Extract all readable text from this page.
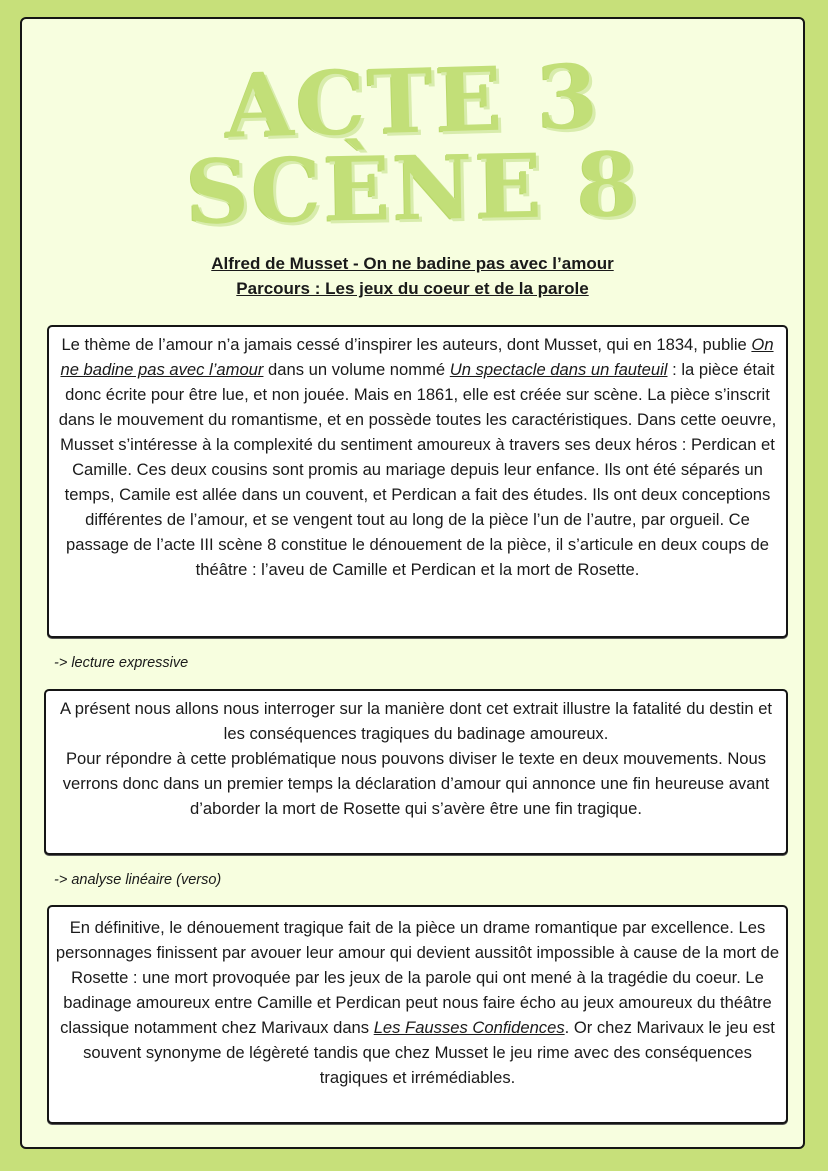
ACTE 3
SCÈNE 8
Alfred de Musset - On ne badine pas avec l’amour
Parcours : Les jeux du coeur et de la parole
Le thème de l’amour n’a jamais cessé d’inspirer les auteurs, dont Musset, qui en 1834, publie On ne badine pas avec l’amour dans un volume nommé Un spectacle dans un fauteuil : la pièce était donc écrite pour être lue, et non jouée. Mais en 1861, elle est créée sur scène. La pièce s’inscrit dans le mouvement du romantisme, et en possède toutes les caractéristiques. Dans cette oeuvre, Musset s’intéresse à la complexité du sentiment amoureux à travers ses deux héros : Perdican et Camille. Ces deux cousins sont promis au mariage depuis leur enfance. Ils ont été séparés un temps, Camile est allée dans un couvent, et Perdican a fait des études. Ils ont deux conceptions différentes de l’amour, et se vengent tout au long de la pièce l’un de l’autre, par orgueil. Ce passage de l’acte III scène 8 constitue le dénouement de la pièce, il s’articule en deux coups de théâtre : l’aveu de Camille et Perdican et la mort de Rosette.
-> lecture expressive
A présent nous allons nous interroger sur la manière dont cet extrait illustre la fatalité du destin et les conséquences tragiques du badinage amoureux.
Pour répondre à cette problématique nous pouvons diviser le texte en deux mouvements. Nous verrons donc dans un premier temps la déclaration d’amour qui annonce une fin heureuse avant d’aborder la mort de Rosette qui s’avère être une fin tragique.
-> analyse linéaire (verso)
En définitive, le dénouement tragique fait de la pièce un drame romantique par excellence. Les personnages finissent par avouer leur amour qui devient aussitôt impossible à cause de la mort de Rosette : une mort provoquée par les jeux de la parole qui ont mené à la tragédie du coeur. Le badinage amoureux entre Camille et Perdican peut nous faire écho au jeux amoureux du théâtre classique notamment chez Marivaux dans Les Fausses Confidences. Or chez Marivaux le jeu est souvent synonyme de légèreté tandis que chez Musset le jeu rime avec des conséquences tragiques et irrémédiables.
